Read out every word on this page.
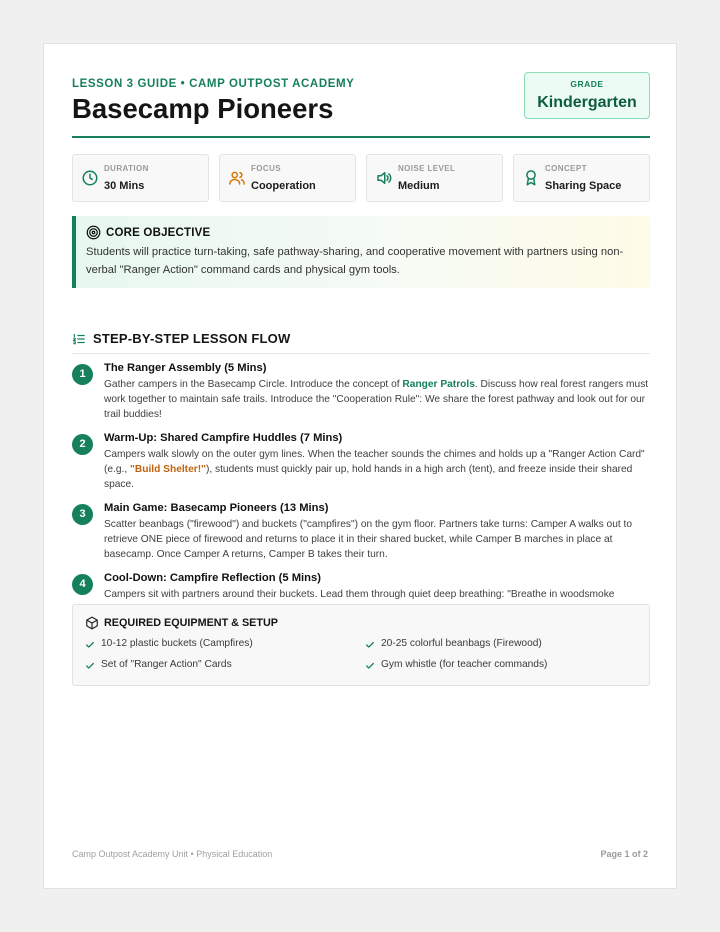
LESSON 3 GUIDE • CAMP OUTPOST ACADEMY
Basecamp Pioneers
GRADE
Kindergarten
DURATION
30 Mins
FOCUS
Cooperation
NOISE LEVEL
Medium
CONCEPT
Sharing Space
CORE OBJECTIVE
Students will practice turn-taking, safe pathway-sharing, and cooperative movement with partners using non-verbal "Ranger Action" command cards and physical gym tools.
STEP-BY-STEP LESSON FLOW
1	The Ranger Assembly (5 Mins)
Gather campers in the Basecamp Circle. Introduce the concept of Ranger Patrols. Discuss how real forest rangers must work together to maintain safe trails. Introduce the "Cooperation Rule": We share the forest pathway and look out for our trail buddies!
2	Warm-Up: Shared Campfire Huddles (7 Mins)
Campers walk slowly on the outer gym lines. When the teacher sounds the chimes and holds up a "Ranger Action Card" (e.g., "Build Shelter!"), students must quickly pair up, hold hands in a high arch (tent), and freeze inside their shared space.
3	Main Game: Basecamp Pioneers (13 Mins)
Scatter beanbags ("firewood") and buckets ("campfires") on the gym floor. Partners take turns: Camper A walks out to retrieve ONE piece of firewood and returns to place it in their shared bucket, while Camper B marches in place at basecamp. Once Camper A returns, Camper B takes their turn.
4	Cool-Down: Campfire Reflection (5 Mins)
Campers sit with partners around their buckets. Lead them through quiet deep breathing: "Breathe in woodsmoke
REQUIRED EQUIPMENT & SETUP
10-12 plastic buckets (Campfires)	20-25 colorful beanbags (Firewood)
Set of "Ranger Action" Cards	Gym whistle (for teacher commands)
Camp Outpost Academy Unit • Physical Education	Page 1 of 2
